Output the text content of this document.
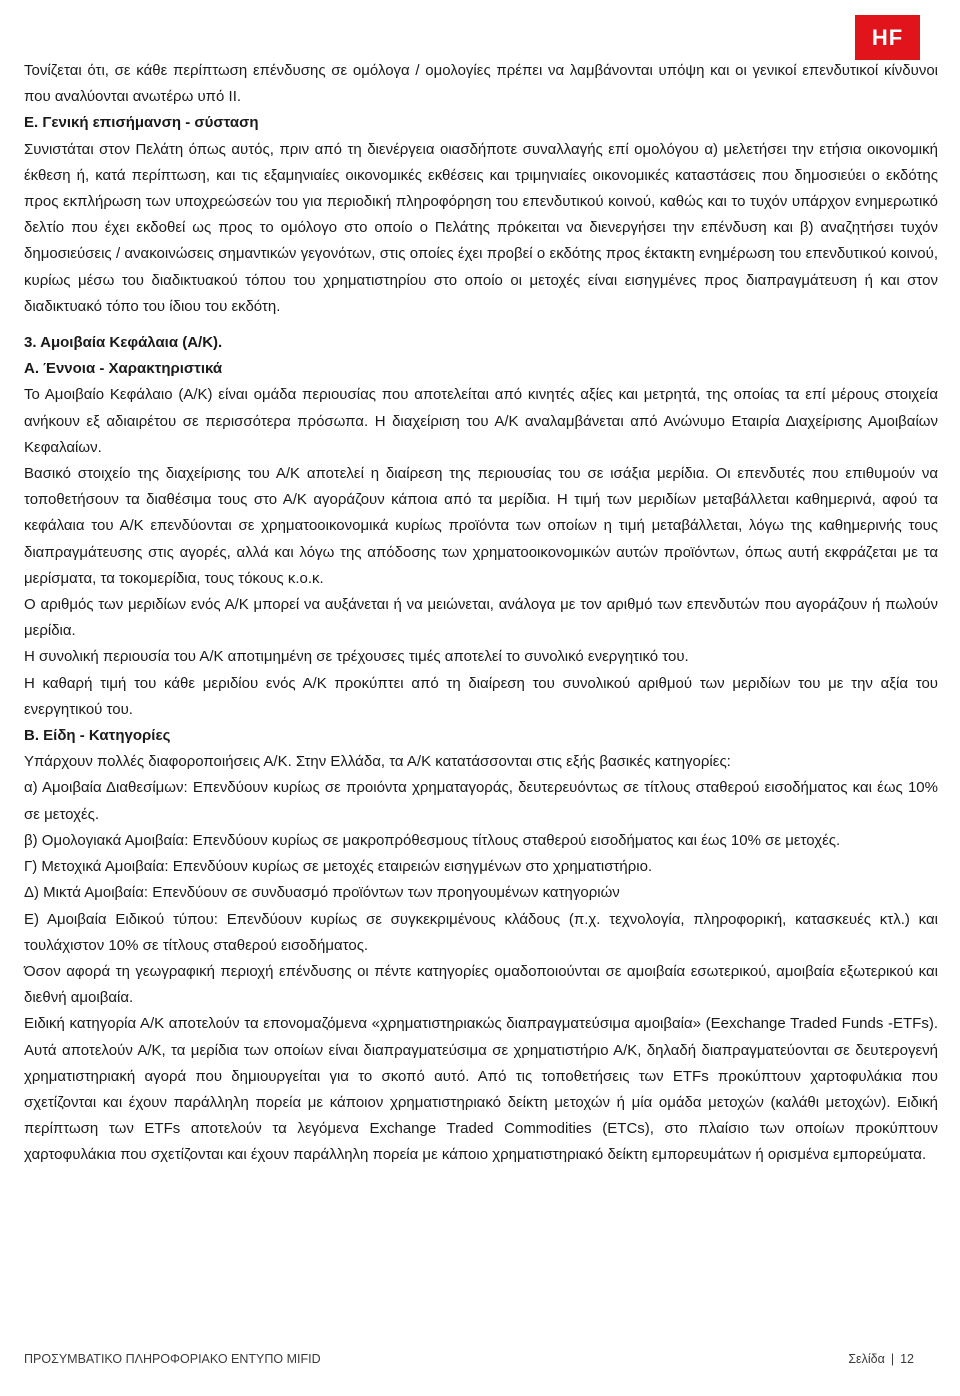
HF

Τονίζεται ότι, σε κάθε περίπτωση επένδυσης σε ομόλογα / ομολογίες πρέπει να λαμβάνονται υπόψη και οι γενικοί επενδυτικοί κίνδυνοι που αναλύονται ανωτέρω υπό ΙΙ.

Ε. Γενική επισήμανση - σύσταση

Συνιστάται στον Πελάτη όπως αυτός, πριν από τη διενέργεια οιασδήποτε συναλλαγής επί ομολόγου α) μελετήσει την ετήσια οικονομική έκθεση ή, κατά περίπτωση, και τις εξαμηνιαίες οικονομικές εκθέσεις και τριμηνιαίες οικονομικές καταστάσεις που δημοσιεύει ο εκδότης προς εκπλήρωση των υποχρεώσεών του για περιοδική πληροφόρηση του επενδυτικού κοινού, καθώς και το τυχόν υπάρχον ενημερωτικό δελτίο που έχει εκδοθεί ως προς το ομόλογο στο οποίο ο Πελάτης πρόκειται να διενεργήσει την επένδυση και β) αναζητήσει τυχόν δημοσιεύσεις / ανακοινώσεις σημαντικών γεγονότων, στις οποίες έχει προβεί ο εκδότης προς έκτακτη ενημέρωση του επενδυτικού κοινού, κυρίως μέσω του διαδικτυακού τόπου του χρηματιστηρίου στο οποίο οι μετοχές είναι εισηγμένες προς διαπραγμάτευση ή και στον διαδικτυακό τόπο του ίδιου του εκδότη.

3. Αμοιβαία Κεφάλαια (Α/Κ).

Α. Έννοια - Χαρακτηριστικά

Το Αμοιβαίο Κεφάλαιο (Α/Κ) είναι ομάδα περιουσίας που αποτελείται από κινητές αξίες και μετρητά, της οποίας τα επί μέρους στοιχεία ανήκουν εξ αδιαιρέτου σε περισσότερα πρόσωπα. Η διαχείριση του Α/Κ αναλαμβάνεται από Ανώνυμο Εταιρία Διαχείρισης Αμοιβαίων Κεφαλαίων.

Βασικό στοιχείο της διαχείρισης του Α/Κ αποτελεί η διαίρεση της περιουσίας του σε ισάξια μερίδια. Οι επενδυτές που επιθυμούν να τοποθετήσουν τα διαθέσιμα τους στο Α/Κ αγοράζουν κάποια από τα μερίδια. Η τιμή των μεριδίων μεταβάλλεται καθημερινά, αφού τα κεφάλαια του Α/Κ επενδύονται σε χρηματοοικονομικά κυρίως προϊόντα των οποίων η τιμή μεταβάλλεται, λόγω της καθημερινής τους διαπραγμάτευσης στις αγορές, αλλά και λόγω της απόδοσης των χρηματοοικονομικών αυτών προϊόντων, όπως αυτή εκφράζεται με τα μερίσματα, τα τοκομερίδια, τους τόκους κ.ο.κ.

Ο αριθμός των μεριδίων ενός Α/Κ μπορεί να αυξάνεται ή να μειώνεται, ανάλογα με τον αριθμό των επενδυτών που αγοράζουν ή πωλούν μερίδια.

Η συνολική περιουσία του Α/Κ αποτιμημένη σε τρέχουσες τιμές αποτελεί το συνολικό ενεργητικό του.

Η καθαρή τιμή του κάθε μεριδίου ενός Α/Κ προκύπτει από τη διαίρεση του συνολικού αριθμού των μεριδίων του με την αξία του ενεργητικού του.

Β. Είδη - Κατηγορίες

Υπάρχουν πολλές διαφοροποιήσεις Α/Κ. Στην Ελλάδα, τα Α/Κ κατατάσσονται στις εξής βασικές κατηγορίες:

α) Αμοιβαία Διαθεσίμων: Επενδύουν κυρίως σε προιόντα χρηματαγοράς, δευτερευόντως σε τίτλους σταθερού εισοδήματος και έως 10% σε μετοχές.

β) Ομολογιακά Αμοιβαία: Επενδύουν κυρίως σε μακροπρόθεσμους τίτλους σταθερού εισοδήματος και έως 10% σε μετοχές.

Γ) Μετοχικά Αμοιβαία: Επενδύουν κυρίως σε μετοχές εταιρειών εισηγμένων στο χρηματιστήριο.

Δ) Μικτά Αμοιβαία: Επενδύουν σε συνδυασμό προϊόντων των προηγουμένων κατηγοριών

Ε) Αμοιβαία Ειδικού τύπου: Επενδύουν κυρίως σε συγκεκριμένους κλάδους (π.χ. τεχνολογία, πληροφορική, κατασκευές κτλ.) και τουλάχιστον 10% σε τίτλους σταθερού εισοδήματος.

Όσον αφορά τη γεωγραφική περιοχή επένδυσης οι πέντε κατηγορίες ομαδοποιούνται σε αμοιβαία εσωτερικού, αμοιβαία εξωτερικού και διεθνή αμοιβαία.

Ειδική κατηγορία Α/Κ αποτελούν τα επονομαζόμενα «χρηματιστηριακώς διαπραγματεύσιμα αμοιβαία» (Eexchange Traded Funds -ETFs). Αυτά αποτελούν Α/Κ, τα μερίδια των οποίων είναι διαπραγματεύσιμα σε χρηματιστήριο Α/Κ, δηλαδή διαπραγματεύονται σε δευτερογενή χρηματιστηριακή αγορά που δημιουργείται για το σκοπό αυτό. Από τις τοποθετήσεις των ETFs προκύπτουν χαρτοφυλάκια που σχετίζονται και έχουν παράλληλη πορεία με κάποιον χρηματιστηριακό δείκτη μετοχών ή μία ομάδα μετοχών (καλάθι μετοχών). Ειδική περίπτωση των ETFs αποτελούν τα λεγόμενα Exchange Traded Commodities (ETCs), στο πλαίσιο των οποίων προκύπτουν χαρτοφυλάκια που σχετίζονται και έχουν παράλληλη πορεία με κάποιο χρηματιστηριακό δείκτη εμπορευμάτων ή ορισμένα εμπορεύματα.

ΠΡΟΣΥΜΒΑΤΙΚΟ ΠΛΗΡΟΦΟΡΙΑΚΟ ΕΝΤΥΠΟ MIFID	Σελίδα | 12
